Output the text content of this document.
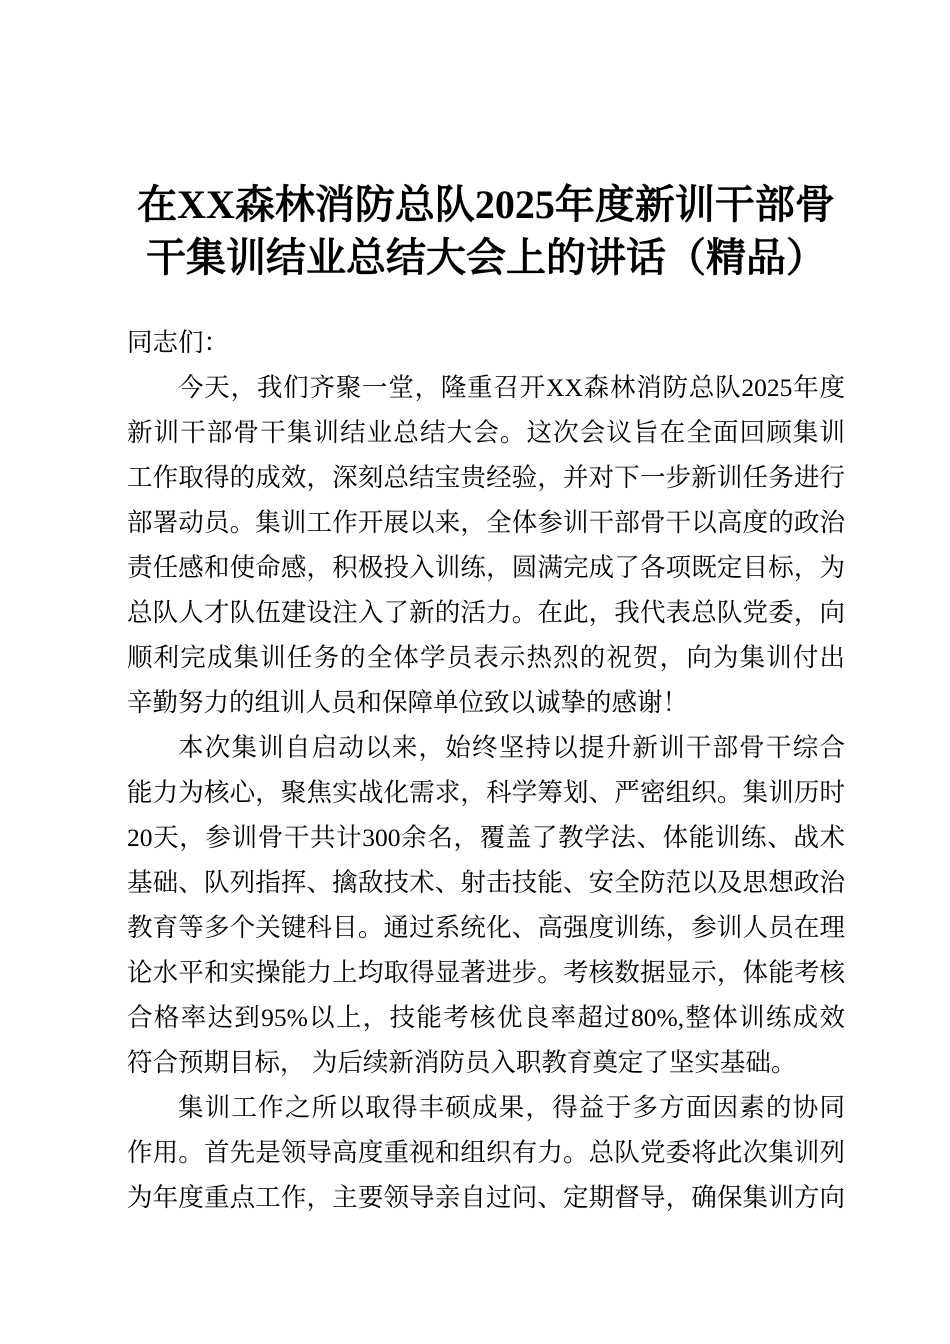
在XX森林消防总队2025年度新训干部骨
干集训结业总结大会上的讲话（精品）
同志们：
今天，我们齐聚一堂，隆重召开XX森林消防总队2025年度
新训干部骨干集训结业总结大会。这次会议旨在全面回顾集训
工作取得的成效，深刻总结宝贵经验，并对下一步新训任务进行
部署动员。集训工作开展以来，全体参训干部骨干以高度的政治
责任感和使命感，积极投入训练，圆满完成了各项既定目标，为
总队人才队伍建设注入了新的活力。在此，我代表总队党委，向
顺利完成集训任务的全体学员表示热烈的祝贺，向为集训付出
辛勤努力的组训人员和保障单位致以诚挚的感谢！
本次集训自启动以来，始终坚持以提升新训干部骨干综合
能力为核心，聚焦实战化需求，科学筹划、严密组织。集训历时
20天，参训骨干共计300余名，覆盖了教学法、体能训练、战术
基础、队列指挥、擒敌技术、射击技能、安全防范以及思想政治
教育等多个关键科目。通过系统化、高强度训练，参训人员在理
论水平和实操能力上均取得显著进步。考核数据显示，体能考核
合格率达到95%以上，技能考核优良率超过80%,整体训练成效
符合预期目标， 为后续新消防员入职教育奠定了坚实基础。
集训工作之所以取得丰硕成果，得益于多方面因素的协同
作用。首先是领导高度重视和组织有力。总队党委将此次集训列
为年度重点工作，主要领导亲自过问、定期督导，确保集训方向
